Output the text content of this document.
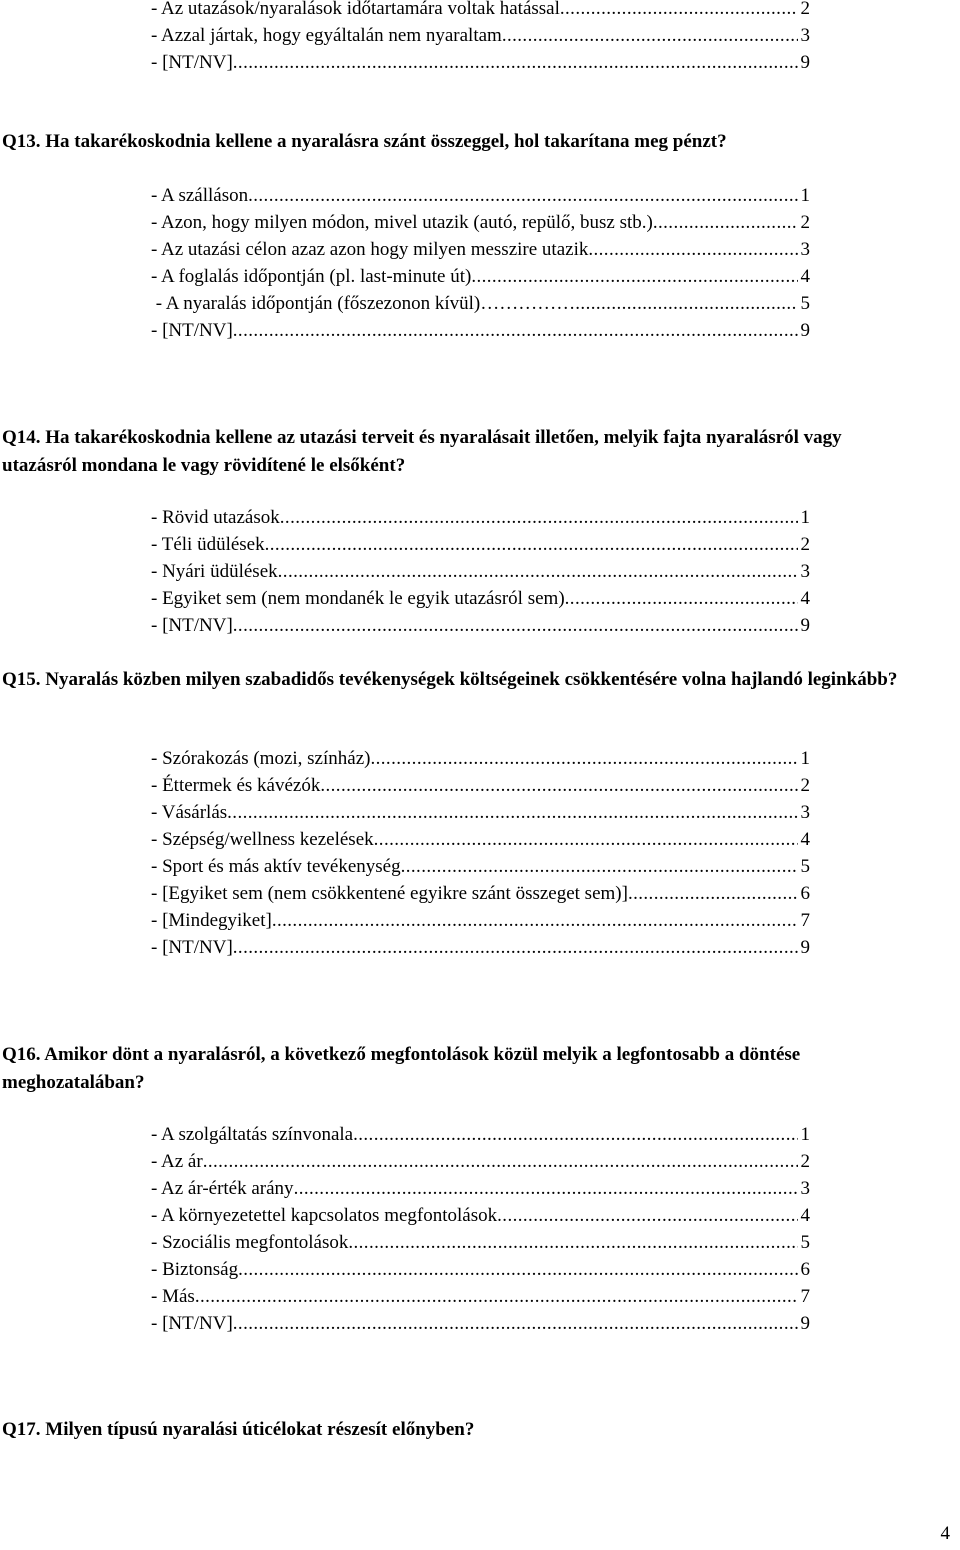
- Az utazások/nyaralások időtartamára voltak hatással .....	2
- Azzal jártak, hogy egyáltalán nem nyaraltam .....	3
- [NT/NV] .....	9

Q13. Ha takarékoskodnia kellene a nyaralásra szánt összeggel, hol takarítana meg pénzt?

- A szálláson .....	1
- Azon, hogy milyen módon, mivel utazik (autó, repülő, busz stb.) .....	2
- Az utazási célon azaz azon hogy milyen messzire utazik .....	3
- A foglalás időpontján (pl. last-minute út) .....	4
- A nyaralás időpontján (főszezonon kívül)…………… .....	5
- [NT/NV] .....	9

Q14. Ha takarékoskodnia kellene az utazási terveit és nyaralásait illetően, melyik fajta nyaralásról vagy utazásról mondana le vagy rövidítené le elsőként?

- Rövid utazások .....	1
- Téli üdülések .....	2
- Nyári üdülések .....	3
- Egyiket sem (nem mondanék le egyik utazásról sem) .....	4
- [NT/NV] .....	9

Q15. Nyaralás közben milyen szabadidős tevékenységek költségeinek csökkentésére volna hajlandó leginkább?

- Szórakozás (mozi, színház) .....	1
- Éttermek és kávézók .....	2
- Vásárlás .....	3
- Szépség/wellness kezelések .....	4
- Sport és más aktív tevékenység .....	5
- [Egyiket sem (nem csökkentené egyikre szánt összeget sem)] .....	6
- [Mindegyiket] .....	7
- [NT/NV] .....	9

Q16. Amikor dönt a nyaralásról, a következő megfontolások közül melyik a legfontosabb a döntése meghozatalában?

- A szolgáltatás színvonala .....	1
- Az ár .....	2
- Az ár-érték arány .....	3
- A környezetettel kapcsolatos megfontolások .....	4
- Szociális megfontolások .....	5
- Biztonság .....	6
- Más .....	7
- [NT/NV] .....	9

Q17. Milyen típusú nyaralási úticélokat részesít előnyben?

4
